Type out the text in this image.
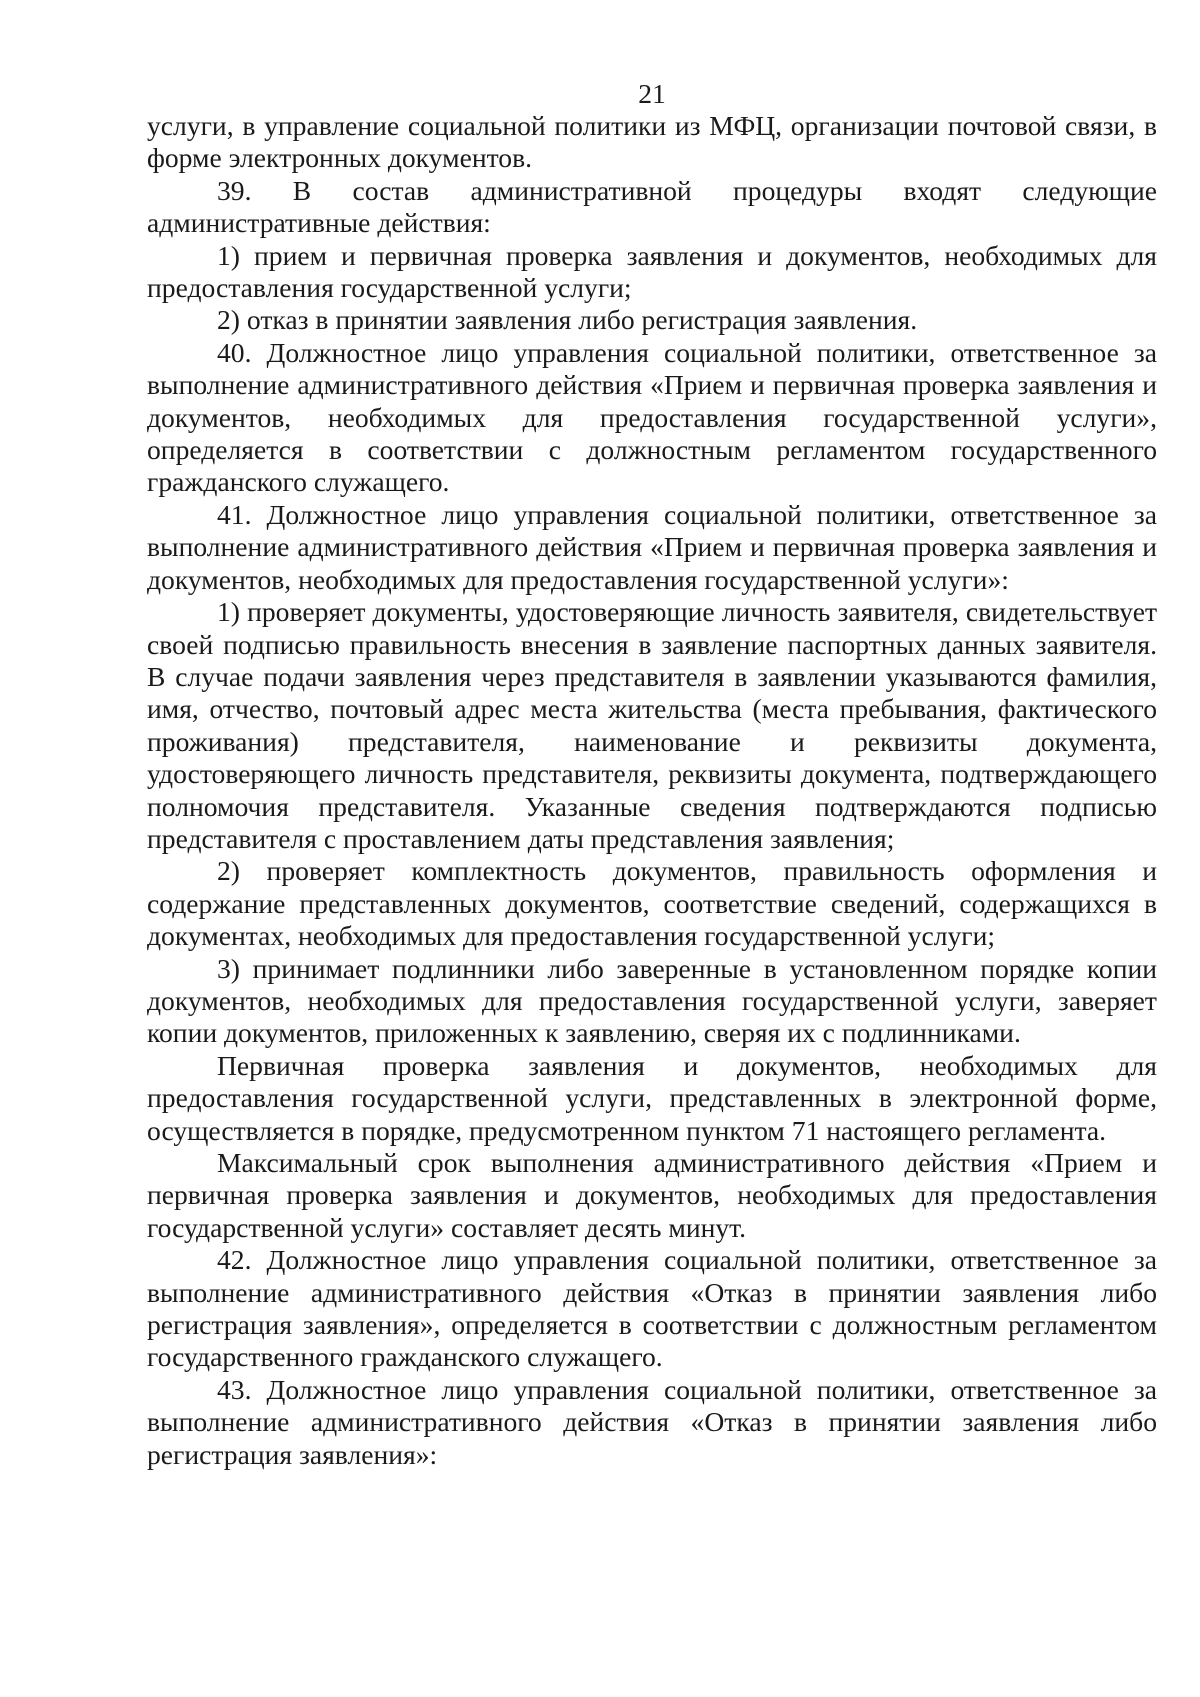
21

услуги, в управление социальной политики из МФЦ, организации почтовой связи, в форме электронных документов.

39. В состав административной процедуры входят следующие административные действия:

1) прием и первичная проверка заявления и документов, необходимых для предоставления государственной услуги;

2) отказ в принятии заявления либо регистрация заявления.

40. Должностное лицо управления социальной политики, ответственное за выполнение административного действия «Прием и первичная проверка заявления и документов, необходимых для предоставления государственной услуги», определяется в соответствии с должностным регламентом государственного гражданского служащего.

41. Должностное лицо управления социальной политики, ответственное за выполнение административного действия «Прием и первичная проверка заявления и документов, необходимых для предоставления государственной услуги»:

1) проверяет документы, удостоверяющие личность заявителя, свидетельствует своей подписью правильность внесения в заявление паспортных данных заявителя. В случае подачи заявления через представителя в заявлении указываются фамилия, имя, отчество, почтовый адрес места жительства (места пребывания, фактического проживания) представителя, наименование и реквизиты документа, удостоверяющего личность представителя, реквизиты документа, подтверждающего полномочия представителя. Указанные сведения подтверждаются подписью представителя с проставлением даты представления заявления;

2) проверяет комплектность документов, правильность оформления и содержание представленных документов, соответствие сведений, содержащихся в документах, необходимых для предоставления государственной услуги;

3) принимает подлинники либо заверенные в установленном порядке копии документов, необходимых для предоставления государственной услуги, заверяет копии документов, приложенных к заявлению, сверяя их с подлинниками.

Первичная проверка заявления и документов, необходимых для предоставления государственной услуги, представленных в электронной форме, осуществляется в порядке, предусмотренном пунктом 71 настоящего регламента.

Максимальный срок выполнения административного действия «Прием и первичная проверка заявления и документов, необходимых для предоставления государственной услуги» составляет десять минут.

42. Должностное лицо управления социальной политики, ответственное за выполнение административного действия «Отказ в принятии заявления либо регистрация заявления», определяется в соответствии с должностным регламентом государственного гражданского служащего.

43. Должностное лицо управления социальной политики, ответственное за выполнение административного действия «Отказ в принятии заявления либо регистрация заявления»:
